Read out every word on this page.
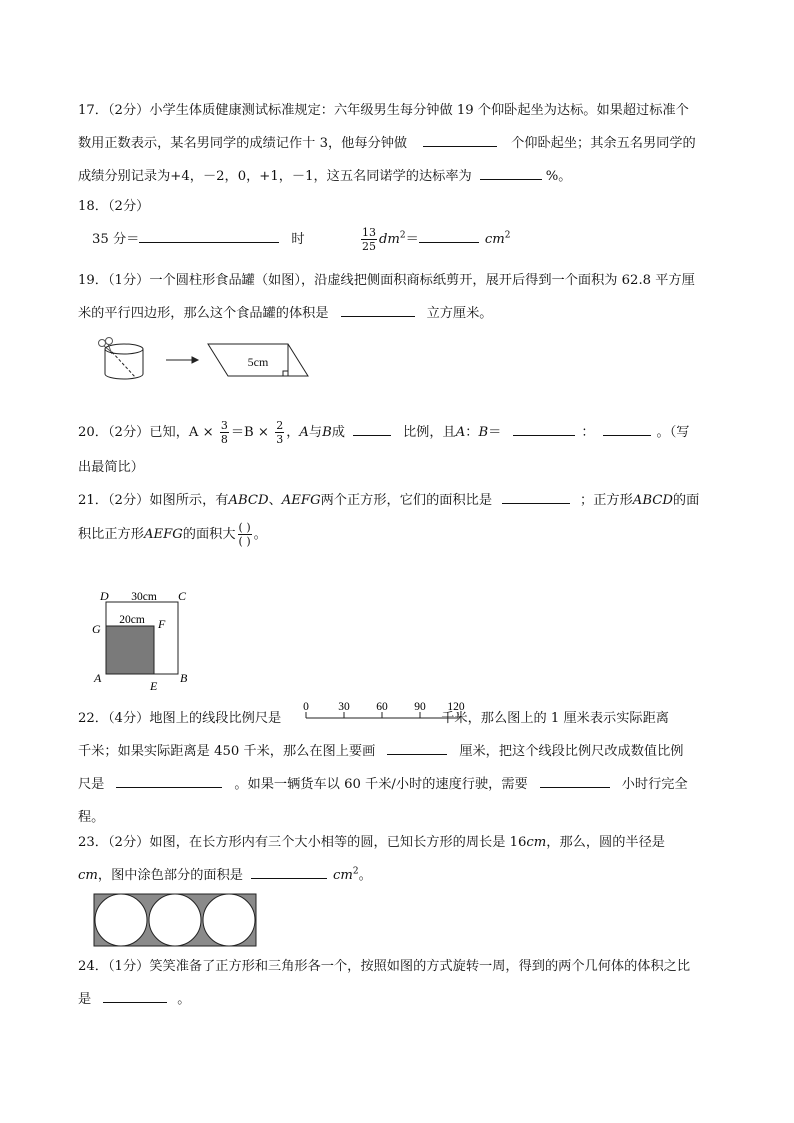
17．（2分）小学生体质健康测试标准规定：六年级男生每分钟做 19 个仰卧起坐为达标。如果超过标准个
数用正数表示，某名男同学的成绩记作十 3，他每分钟做	个仰卧起坐；其余五名男同学的
成绩分别记录为+4，－2，0，+1，－1，这五名同诺学的达标率为	%。
18．（2分）
35 分＝	时	$\frac{13}{25} dm^2=$	$cm^2$
19．（1分）一个圆柱形食品罐（如图），沿虚线把侧面积商标纸剪开，展开后得到一个面积为 62.8 平方厘
米的平行四边形，那么这个食品罐的体积是	立方厘米。
5cm
20．（2分）已知，$A \times \frac{3}{8} =B \times \frac{2}{3}$ ，A与B成	比例，且A：B＝	：	。（写
出最简比）
21．（2分）如图所示，有ABCD、AEFG两个正方形，它们的面积比是	；正方形ABCD的面
积比正方形AEFG的面积大 $\frac{( )}{( )}$ 。
D	C
G	F
A
E
B
30cm
20cm
22．（4分）地图上的线段比例尺是	千米，那么图上的 1 厘米表示实际距离
0	30 60 90 120
千米；如果实际距离是 450 千米，那么在图上要画	厘米，把这个线段比例尺改成数值比例
尺是	。如果一辆货车以 60 千米/小时的速度行驶，需要	小时行完全
程。
23．（2分）如图，在长方形内有三个大小相等的圆，已知长方形的周长是 16cm，那么，圆的半径是
cm，图中涂色部分的面积是	$cm^2$。
24．（1分）笑笑准备了正方形和三角形各一个，按照如图的方式旋转一周，得到的两个几何体的体积之比
是	。
